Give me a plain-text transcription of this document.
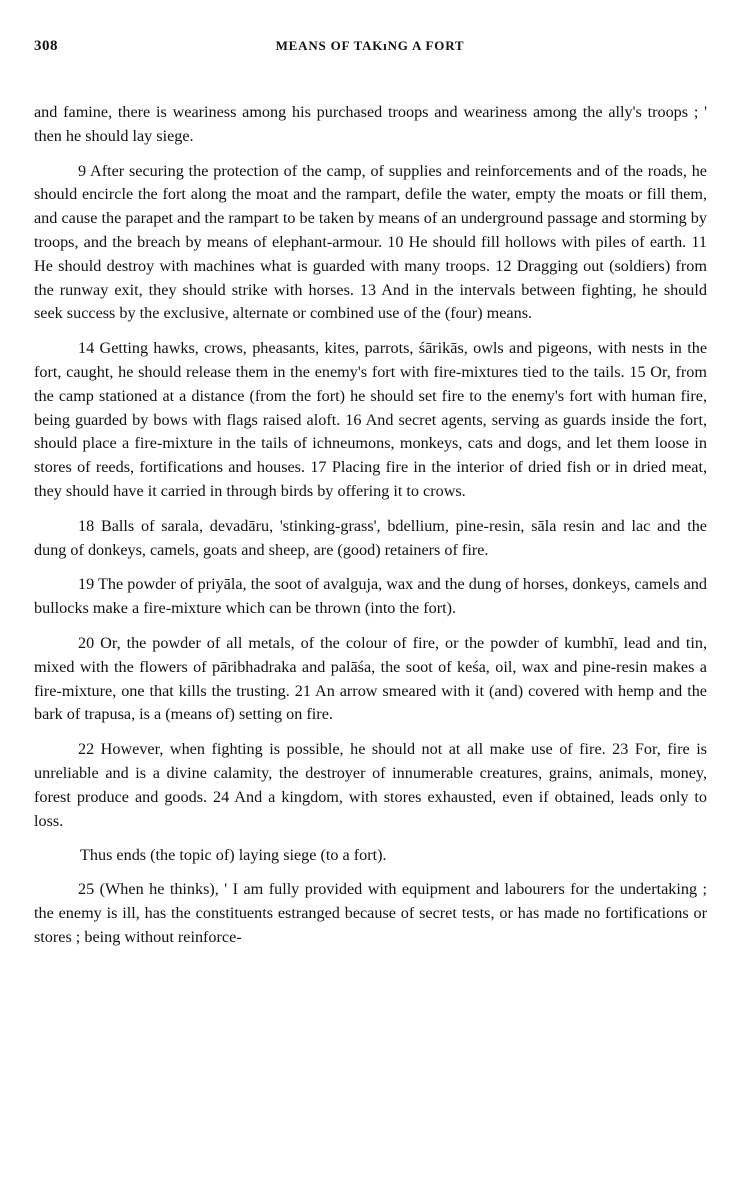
308	MEANS OF TAKıNG A FORT

and famine, there is weariness among his purchased troops and weariness among the ally's troops ; ' then he should lay siege.

9 After securing the protection of the camp, of supplies and reinforcements and of the roads, he should encircle the fort along the moat and the rampart, defile the water, empty the moats or fill them, and cause the parapet and the rampart to be taken by means of an underground passage and storming by troops, and the breach by means of elephant-armour. 10 He should fill hollows with piles of earth. 11 He should destroy with machines what is guarded with many troops. 12 Dragging out (soldiers) from the runway exit, they should strike with horses. 13 And in the intervals between fighting, he should seek success by the exclusive, alternate or combined use of the (four) means.

14 Getting hawks, crows, pheasants, kites, parrots, śārikās, owls and pigeons, with nests in the fort, caught, he should release them in the enemy's fort with fire-mixtures tied to the tails. 15 Or, from the camp stationed at a distance (from the fort) he should set fire to the enemy's fort with human fire, being guarded by bows with flags raised aloft. 16 And secret agents, serving as guards inside the fort, should place a fire-mixture in the tails of ichneumons, monkeys, cats and dogs, and let them loose in stores of reeds, fortifications and houses. 17 Placing fire in the interior of dried fish or in dried meat, they should have it carried in through birds by offering it to crows.

18 Balls of sarala, devadāru, 'stinking-grass', bdellium, pine-resin, sāla resin and lac and the dung of donkeys, camels, goats and sheep, are (good) retainers of fire.

19 The powder of priyāla, the soot of avalguja, wax and the dung of horses, donkeys, camels and bullocks make a fire-mixture which can be thrown (into the fort).

20 Or, the powder of all metals, of the colour of fire, or the powder of kumbhī, lead and tin, mixed with the flowers of pāribhadraka and palāśa, the soot of keśa, oil, wax and pine-resin makes a fire-mixture, one that kills the trusting. 21 An arrow smeared with it (and) covered with hemp and the bark of trapusa, is a (means of) setting on fire.

22 However, when fighting is possible, he should not at all make use of fire. 23 For, fire is unreliable and is a divine calamity, the destroyer of innumerable creatures, grains, animals, money, forest produce and goods. 24 And a kingdom, with stores exhausted, even if obtained, leads only to loss.

Thus ends (the topic of) laying siege (to a fort).

25 (When he thinks), ' I am fully provided with equipment and labourers for the undertaking ; the enemy is ill, has the constituents estranged because of secret tests, or has made no fortifications or stores ; being without reinforce-
